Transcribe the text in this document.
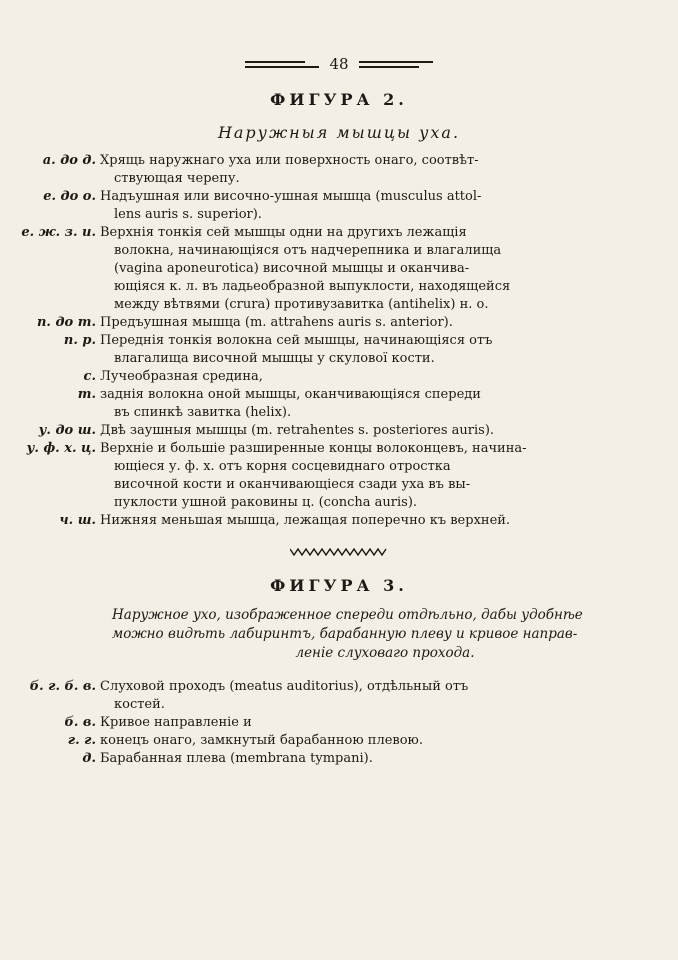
48
ФИГУРА 2.
Наружныя мышцы уха.
а. до д. Хрящь наружнаго уха или поверхность онаго, соотвѣт-
ствующая черепу.
е. до о. Надъушная или височно-ушная мышца (musculus attol-
lens auris s. superior).
е. ж. з. и. Верхнія тонкія сей мышцы одни на другихъ лежащія
волокна, начинающіяся отъ надчерепника и влагалища
(vagina aponeurotica) височной мышцы и оканчива-
ющіяся к. л. въ ладьеобразной выпуклости, находящейся
между вѣтвями (crura) противузавитка (antihelix) н. о.
п. до т. Предъушная мышца (m. attrahens auris s. anterior).
п. р. Переднія тонкія волокна сей мышцы, начинающіяся отъ
влагалища височной мышцы у скулової кости.
с. Лучеобразная средина,
т. заднія волокна оной мышцы, оканчивающіяся спереди
въ спинкѣ завитка (helix).
у. до ш. Двѣ заушныя мышцы (m. retrahentes s. posteriores auris).
у. ф. х. ц. Верхніе и большіе разширенные концы волоконцевъ, начина-
ющіеся у. ф. х. отъ корня сосцевиднаго отростка
височной кости и оканчивающіеся сзади уха въ вы-
пуклости ушной раковины ц. (concha auris).
ч. ш. Нижняя меньшая мышца, лежащая поперечно къ верхней.
ФИГУРА 3.
Наружное ухо, изображенное спереди отдѣльно, дабы удобнѣе
можно видѣть лабиринтъ, барабанную плеву и кривое направ-
леніе слуховаго прохода.
б. г. б. в. Слуховой проходъ (meatus auditorius), отдѣльный отъ
костей.
б. в. Кривое направленіе и
г. г. конецъ онаго, замкнутый барабанною плевою.
д. Барабанная плева (membrana tympani).
